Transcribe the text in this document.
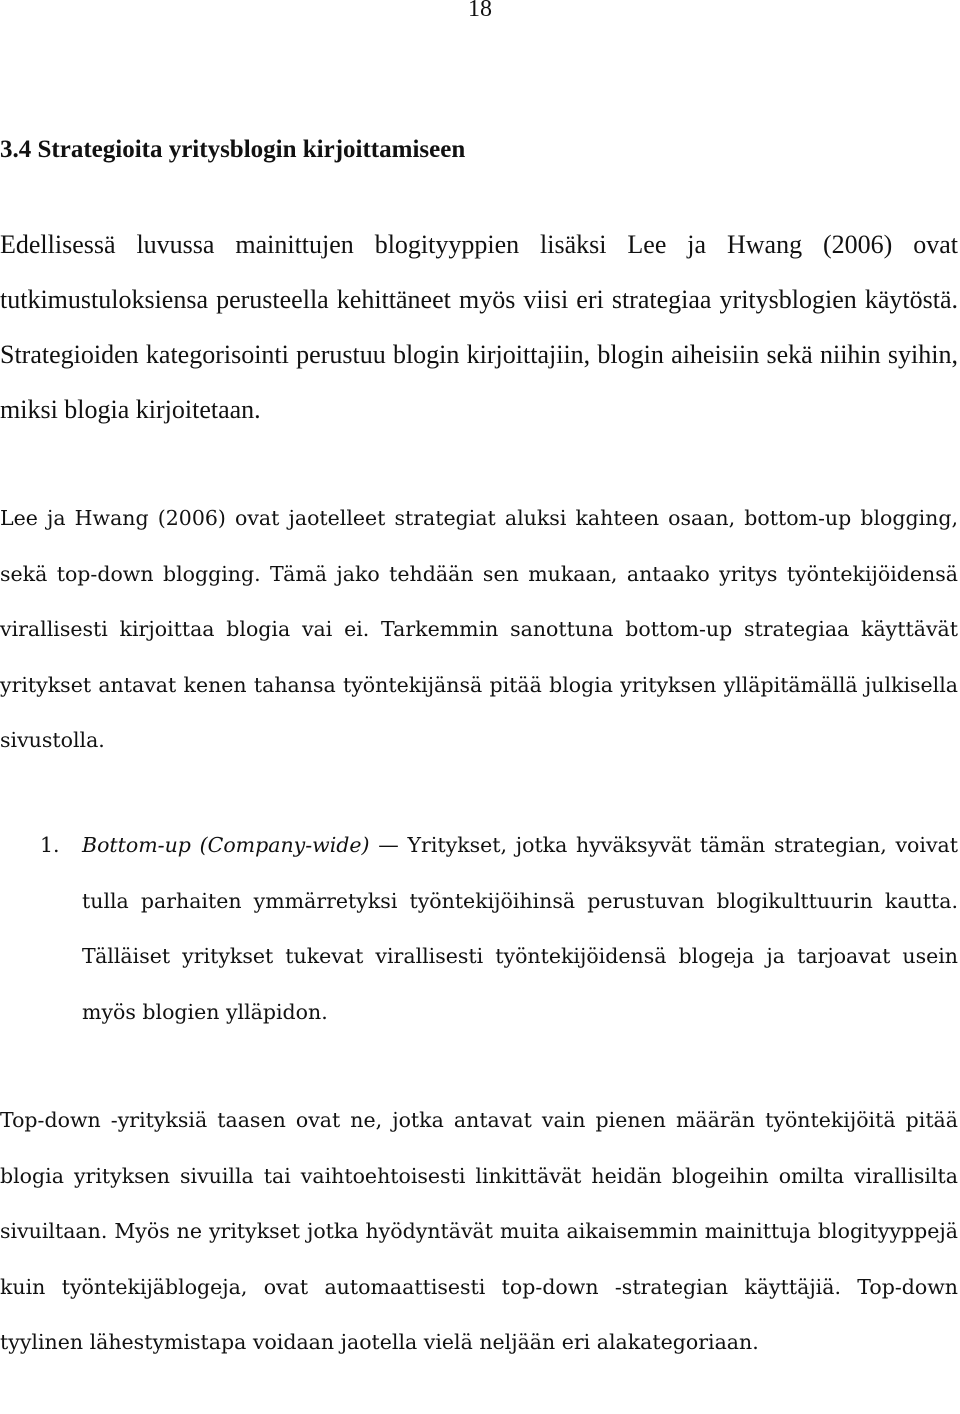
18
3.4 Strategioita yritysblogin kirjoittamiseen

Edellisessä luvussa mainittujen blogityyppien lisäksi Lee ja Hwang (2006) ovat tutkimustuloksiensa perusteella kehittäneet myös viisi eri strategiaa yritysblogien käytöstä. Strategioiden kategorisointi perustuu blogin kirjoittajiin, blogin aiheisiin sekä niihin syihin, miksi blogia kirjoitetaan.

Lee ja Hwang (2006) ovat jaotelleet strategiat aluksi kahteen osaan, bottom-up blogging, sekä top-down blogging. Tämä jako tehdään sen mukaan, antaako yritys työntekijöidensä virallisesti kirjoittaa blogia vai ei. Tarkemmin sanottuna bottom-up strategiaa käyttävät yritykset antavat kenen tahansa työntekijänsä pitää blogia yrityksen ylläpitämällä julkisella sivustolla.

1. Bottom-up (Company-wide) — Yritykset, jotka hyväksyvät tämän strategian, voivat tulla parhaiten ymmärretyksi työntekijöihinsä perustuvan blogikulttuurin kautta. Tälläiset yritykset tukevat virallisesti työntekijöidensä blogeja ja tarjoavat usein myös blogien ylläpidon.

Top-down -yrityksiä taasen ovat ne, jotka antavat vain pienen määrän työntekijöitä pitää blogia yrityksen sivuilla tai vaihtoehtoisesti linkittävät heidän blogeihin omilta virallisilta sivuiltaan. Myös ne yritykset jotka hyödyntävät muita aikaisemmin mainittuja blogityyppejä kuin työntekijäblogeja, ovat automaattisesti top-down -strategian käyttäjiä. Top-down tyylinen lähestymistapa voidaan jaotella vielä neljään eri alakategoriaan.
